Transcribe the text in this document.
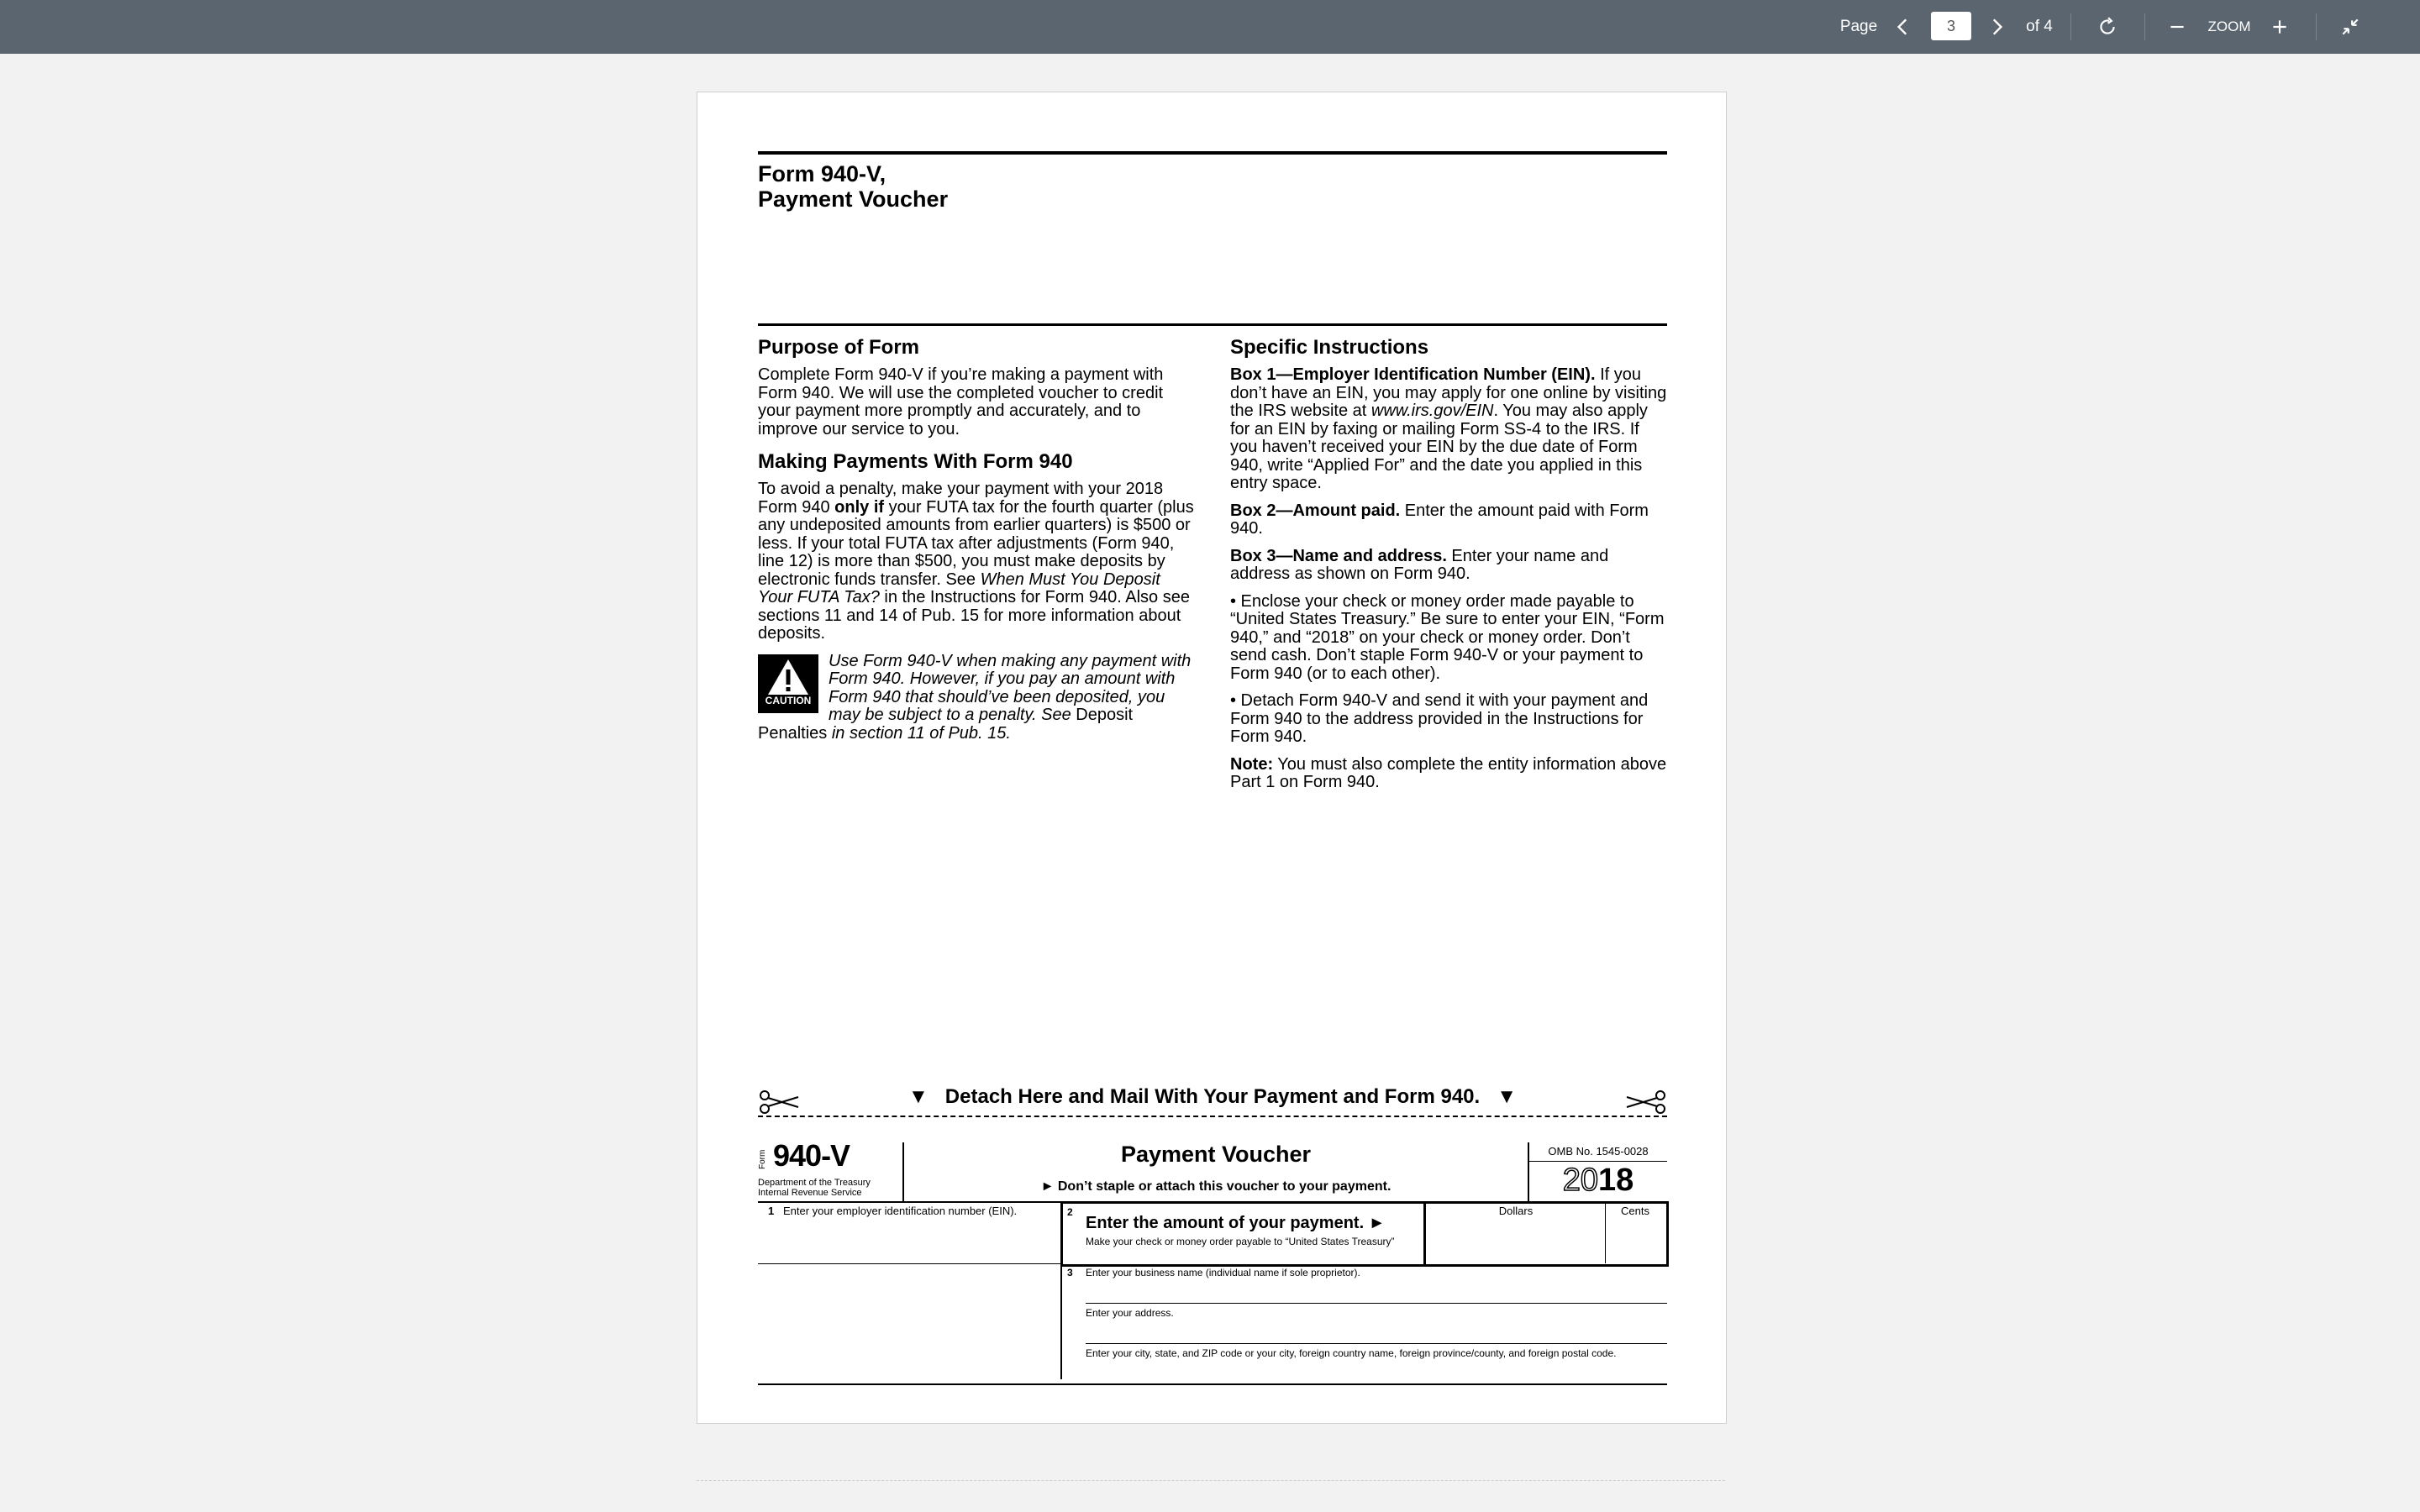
Page
3	of 4	ZOOM
Form 940-V,
Payment Voucher
Purpose of Form
Complete Form 940-V if you’re making a payment with Form 940. We will use the completed voucher to credit your payment more promptly and accurately, and to improve our service to you.
Making Payments With Form 940
To avoid a penalty, make your payment with your 2018 Form 940 only if your FUTA tax for the fourth quarter (plus any undeposited amounts from earlier quarters) is $500 or less. If your total FUTA tax after adjustments (Form 940, line 12) is more than $500, you must make deposits by electronic funds transfer. See When Must You Deposit Your FUTA Tax? in the Instructions for Form 940. Also see sections 11 and 14 of Pub. 15 for more information about deposits.
CAUTION
Use Form 940-V when making any payment with Form 940. However, if you pay an amount with Form 940 that should’ve been deposited, you may be subject to a penalty. See Deposit Penalties in section 11 of Pub. 15.
Specific Instructions
Box 1—Employer Identification Number (EIN). If you don’t have an EIN, you may apply for one online by visiting the IRS website at www.irs.gov/EIN. You may also apply for an EIN by faxing or mailing Form SS-4 to the IRS. If you haven’t received your EIN by the due date of Form 940, write “Applied For” and the date you applied in this entry space.
Box 2—Amount paid. Enter the amount paid with Form 940.
Box 3—Name and address. Enter your name and address as shown on Form 940.
• Enclose your check or money order made payable to “United States Treasury.” Be sure to enter your EIN, “Form 940,” and “2018” on your check or money order. Don’t send cash. Don’t staple Form 940-V or your payment to Form 940 (or to each other).
• Detach Form 940-V and send it with your payment and Form 940 to the address provided in the Instructions for Form 940.
Note: You must also complete the entity information above Part 1 on Form 940.
▼ Detach Here and Mail With Your Payment and Form 940. ▼
Form 940-V
Department of the Treasury
Internal Revenue Service
Payment Voucher
► Don’t staple or attach this voucher to your payment.
OMB No. 1545-0028
2018
1 Enter your employer identification number (EIN).	2
Enter the amount of your payment. ►
Make your check or money order payable to “United States Treasury”
Dollars	Cents
3 Enter your business name (individual name if sole proprietor).
Enter your address.
Enter your city, state, and ZIP code or your city, foreign country name, foreign province/county, and foreign postal code.
